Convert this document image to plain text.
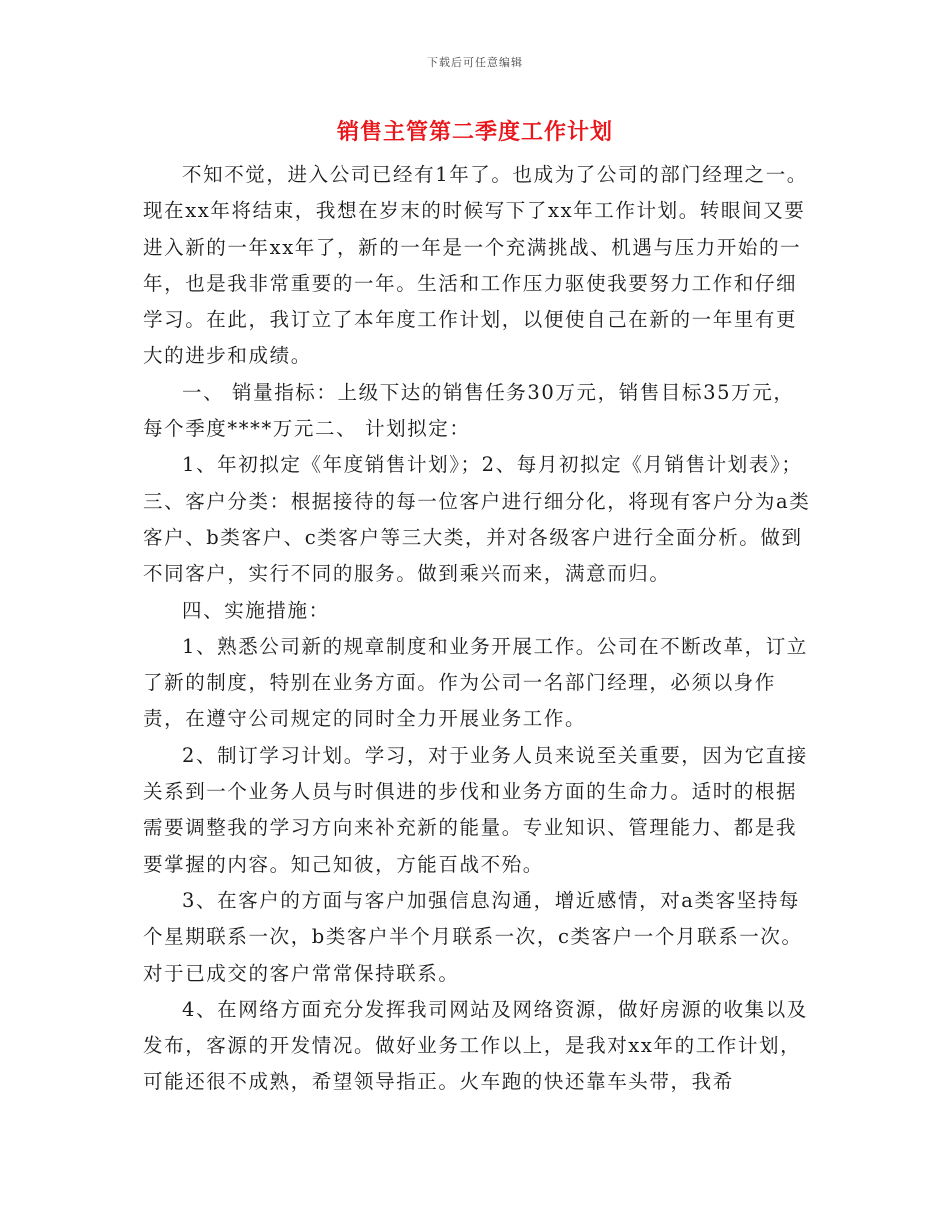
下载后可任意编辑
销售主管第二季度工作计划

不知不觉，进入公司已经有1年了。也成为了公司的部门经理之一。现在xx年将结束，我想在岁末的时候写下了xx年工作计划。转眼间又要进入新的一年xx年了，新的一年是一个充满挑战、机遇与压力开始的一年，也是我非常重要的一年。生活和工作压力驱使我要努力工作和仔细学习。在此，我订立了本年度工作计划，以便使自己在新的一年里有更大的进步和成绩。

一、 销量指标：上级下达的销售任务30万元，销售目标35万元，每个季度****万元二、 计划拟定：

1、年初拟定《年度销售计划》；2、每月初拟定《月销售计划表》；三、客户分类：根据接待的每一位客户进行细分化，将现有客户分为a类客户、b类客户、c类客户等三大类，并对各级客户进行全面分析。做到不同客户，实行不同的服务。做到乘兴而来，满意而归。

四、实施措施：

1、熟悉公司新的规章制度和业务开展工作。公司在不断改革，订立了新的制度，特别在业务方面。作为公司一名部门经理，必须以身作责，在遵守公司规定的同时全力开展业务工作。

2、制订学习计划。学习，对于业务人员来说至关重要，因为它直接关系到一个业务人员与时俱进的步伐和业务方面的生命力。适时的根据需要调整我的学习方向来补充新的能量。专业知识、管理能力、都是我要掌握的内容。知己知彼，方能百战不殆。

3、在客户的方面与客户加强信息沟通，增近感情，对a类客坚持每个星期联系一次，b类客户半个月联系一次，c类客户一个月联系一次。对于已成交的客户常常保持联系。

4、在网络方面充分发挥我司网站及网络资源，做好房源的收集以及发布，客源的开发情况。做好业务工作以上，是我对xx年的工作计划，可能还很不成熟，希望领导指正。火车跑的快还靠车头带，我希
